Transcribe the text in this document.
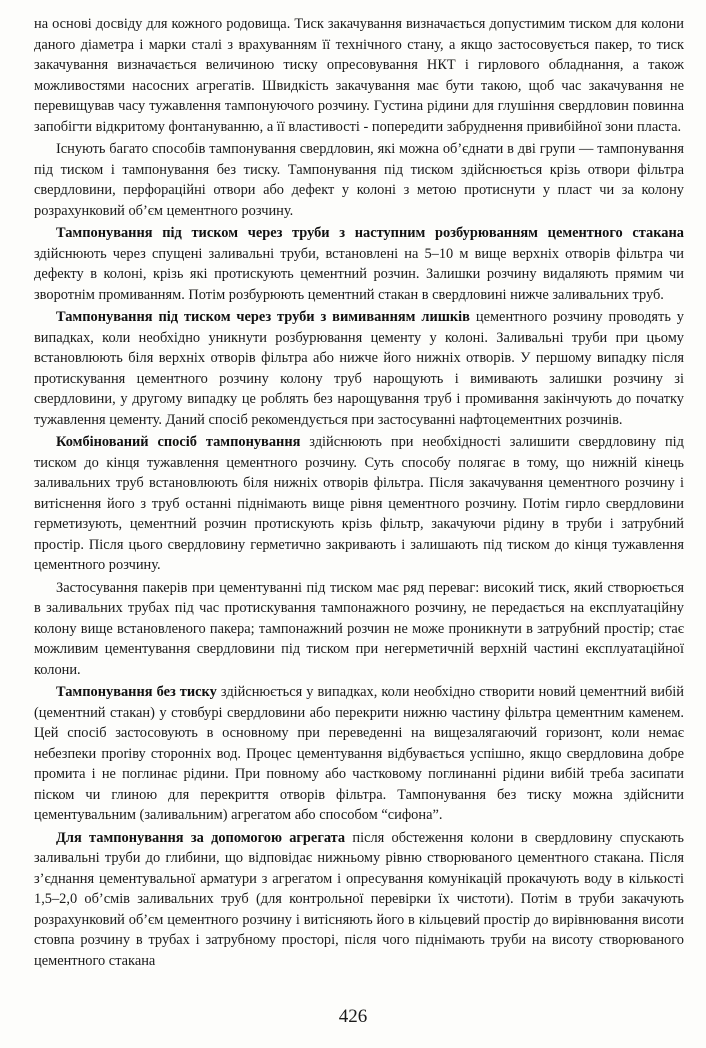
на основі досвіду для кожного родовища. Тиск закачування визначається допустимим тиском для колони даного діаметра і марки сталі з врахуванням її технічного стану, а якщо застосовується пакер, то тиск закачування визначається величиною тиску опресовування НКТ і гирлового обладнання, а також можливостями насосних агрегатів. Швидкість закачування має бути такою, щоб час закачування не перевищував часу тужавлення тампонуючого розчину. Густина рідини для глушіння свердловин повинна запобігти відкритому фонтануванню, а її властивості - попередити забруднення привибійної зони пласта.

Існують багато способів тампонування свердловин, які можна об’єднати в дві групи — тампонування під тиском і тампонування без тиску. Тампонування під тиском здійснюється крізь отвори фільтра свердловини, перфораційні отвори або дефект у колоні з метою протиснути у пласт чи за колону розрахунковий об’єм цементного розчину.

Тампонування під тиском через труби з наступним розбурюванням цементного стакана здійснюють через спущені заливальні труби, встановлені на 5–10 м вище верхніх отворів фільтра чи дефекту в колоні, крізь які протискують цементний розчин. Залишки розчину видаляють прямим чи зворотнім промиванням. Потім розбурюють цементний стакан в свердловині нижче заливальних труб.

Тампонування під тиском через труби з вимиванням лишків цементного розчину проводять у випадках, коли необхідно уникнути розбурювання цементу у колоні. Заливальні труби при цьому встановлюють біля верхніх отворів фільтра або нижче його нижніх отворів. У першому випадку після протискування цементного розчину колону труб нарощують і вимивають залишки розчину зі свердловини, у другому випадку це роблять без нарощування труб і промивання закінчують до початку тужавлення цементу. Даний спосіб рекомендується при застосуванні нафтоцементних розчинів.

Комбінований спосіб тампонування здійснюють при необхідності залишити свердловину під тиском до кінця тужавлення цементного розчину. Суть способу полягає в тому, що нижній кінець заливальних труб встановлюють біля нижніх отворів фільтра. Після закачування цементного розчину і витіснення його з труб останні піднімають вище рівня цементного розчину. Потім гирло свердловини герметизують, цементний розчин протискують крізь фільтр, закачуючи рідину в труби і затрубний простір. Після цього свердловину герметично закривають і залишають під тиском до кінця тужавлення цементного розчину.

Застосування пакерів при цементуванні під тиском має ряд переваг: високий тиск, який створюється в заливальних трубах під час протискування тампонажного розчину, не передається на експлуатаційну колону вище встановленого пакера; тампонажний розчин не може проникнути в затрубний простір; стає можливим цементування свердловини під тиском при негерметичній верхній частині експлуатаційної колони.

Тампонування без тиску здійснюється у випадках, коли необхідно створити новий цементний вибій (цементний стакан) у стовбурі свердловини або перекрити нижню частину фільтра цементним каменем. Цей спосіб застосовують в основному при переведенні на вищезалягаючий горизонт, коли немає небезпеки проriву сторонніх вод. Процес цементування відбувається успішно, якщо свердловина добре промита і не поглинає рідини. При повному або частковому поглинанні рідини вибій треба засипати піском чи глиною для перекриття отворів фільтра. Тампонування без тиску можна здійснити цементувальним (заливальним) агрегатом або способом “сифона”.

Для тампонування за допомогою агрегата після обстеження колони в свердловину спускають заливальні труби до глибини, що відповідає нижньому рівню створюваного цементного стакана. Після з’єднання цементувальної арматури з агрегатом і опресування комунікацій прокачують воду в кількості 1,5–2,0 об’смів заливальних труб (для контрольної перевірки їх чистоти). Потім в труби закачують розрахунковий об’єм цементного розчину і витісняють його в кільцевий простір до вирівнювання висоти стовпа розчину в трубах і затрубному просторі, після чого піднімають труби на висоту створюваного цементного стакана

426
